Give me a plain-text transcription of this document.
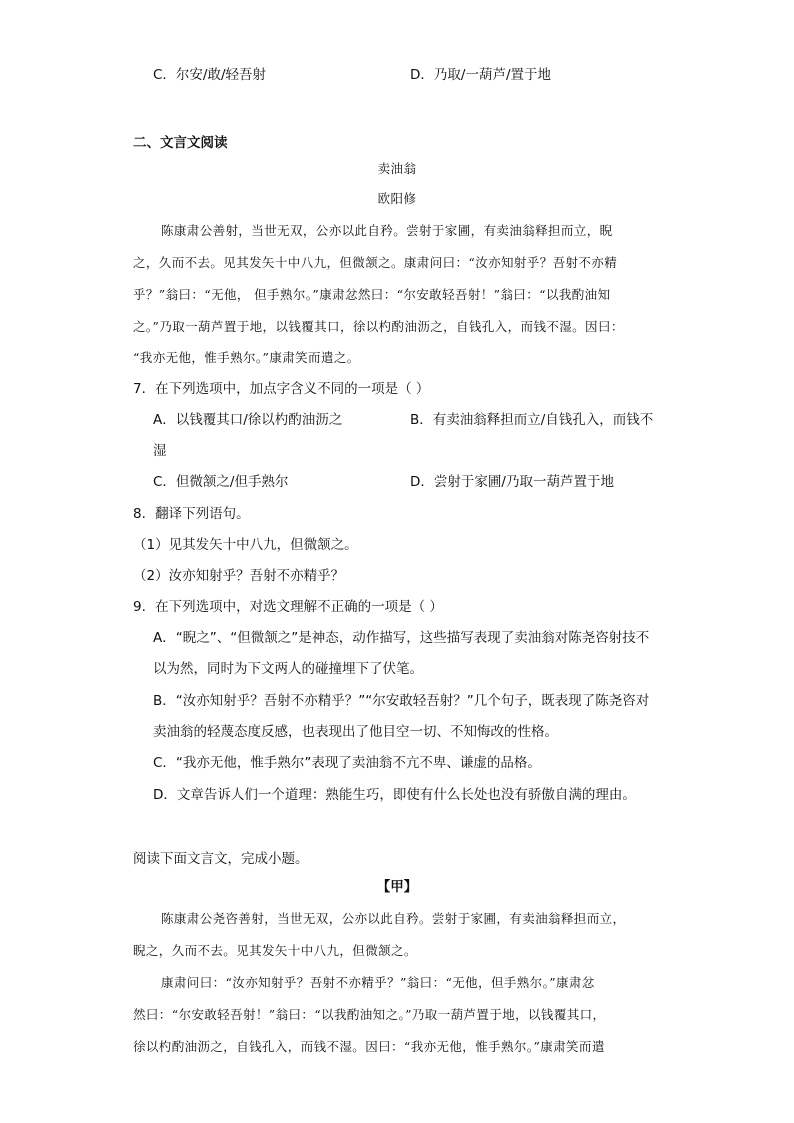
C．尔安/敢/轻吾射	D．乃取/一葫芦/置于地
二、文言文阅读
卖油翁
欧阳修
陈康肃公善射，当世无双，公亦以此自矜。尝射于家圃，有卖油翁释担而立，睨
之，久而不去。见其发矢十中八九，但微颔之。康肃问曰：“汝亦知射乎？吾射不亦精
乎？”翁曰：“无他， 但手熟尔。”康肃忿然曰：“尔安敢轻吾射！”翁曰：“以我酌油知
之。”乃取一葫芦置于地，以钱覆其口，徐以杓酌油沥之，自钱孔入，而钱不湿。因曰：
“我亦无他，惟手熟尔。”康肃笑而遣之。
7．在下列选项中，加点字含义不同的一项是（ ）
A．以钱覆其口/徐以杓酌油沥之	B．有卖油翁释担而立/自钱孔入，而钱不
湿
C．但微颔之/但手熟尔	D．尝射于家圃/乃取一葫芦置于地
8．翻译下列语句。
（1）见其发矢十中八九，但微颔之。
（2）汝亦知射乎？吾射不亦精乎？
9．在下列选项中，对选文理解不正确的一项是（ ）
A．“睨之”、“但微颔之”是神态，动作描写，这些描写表现了卖油翁对陈尧咨射技不
以为然，同时为下文两人的碰撞埋下了伏笔。
B．“汝亦知射乎？吾射不亦精乎？”“尔安敢轻吾射？”几个句子，既表现了陈尧咨对
卖油翁的轻蔑态度反感，也表现出了他目空一切、不知悔改的性格。
C．“我亦无他，惟手熟尔”表现了卖油翁不亢不卑、谦虚的品格。
D．文章告诉人们一个道理：熟能生巧，即使有什么长处也没有骄傲自满的理由。
阅读下面文言文，完成小题。
【甲】
陈康肃公尧咨善射，当世无双，公亦以此自矜。尝射于家圃，有卖油翁释担而立，
睨之，久而不去。见其发矢十中八九，但微颔之。
康肃问曰：“汝亦知射乎？吾射不亦精乎？”翁曰：“无他，但手熟尔。”康肃忿
然曰：“尔安敢轻吾射！”翁曰：“以我酌油知之。”乃取一葫芦置于地，以钱覆其口，
徐以杓酌油沥之，自钱孔入，而钱不湿。因曰：“我亦无他，惟手熟尔。”康肃笑而遣
